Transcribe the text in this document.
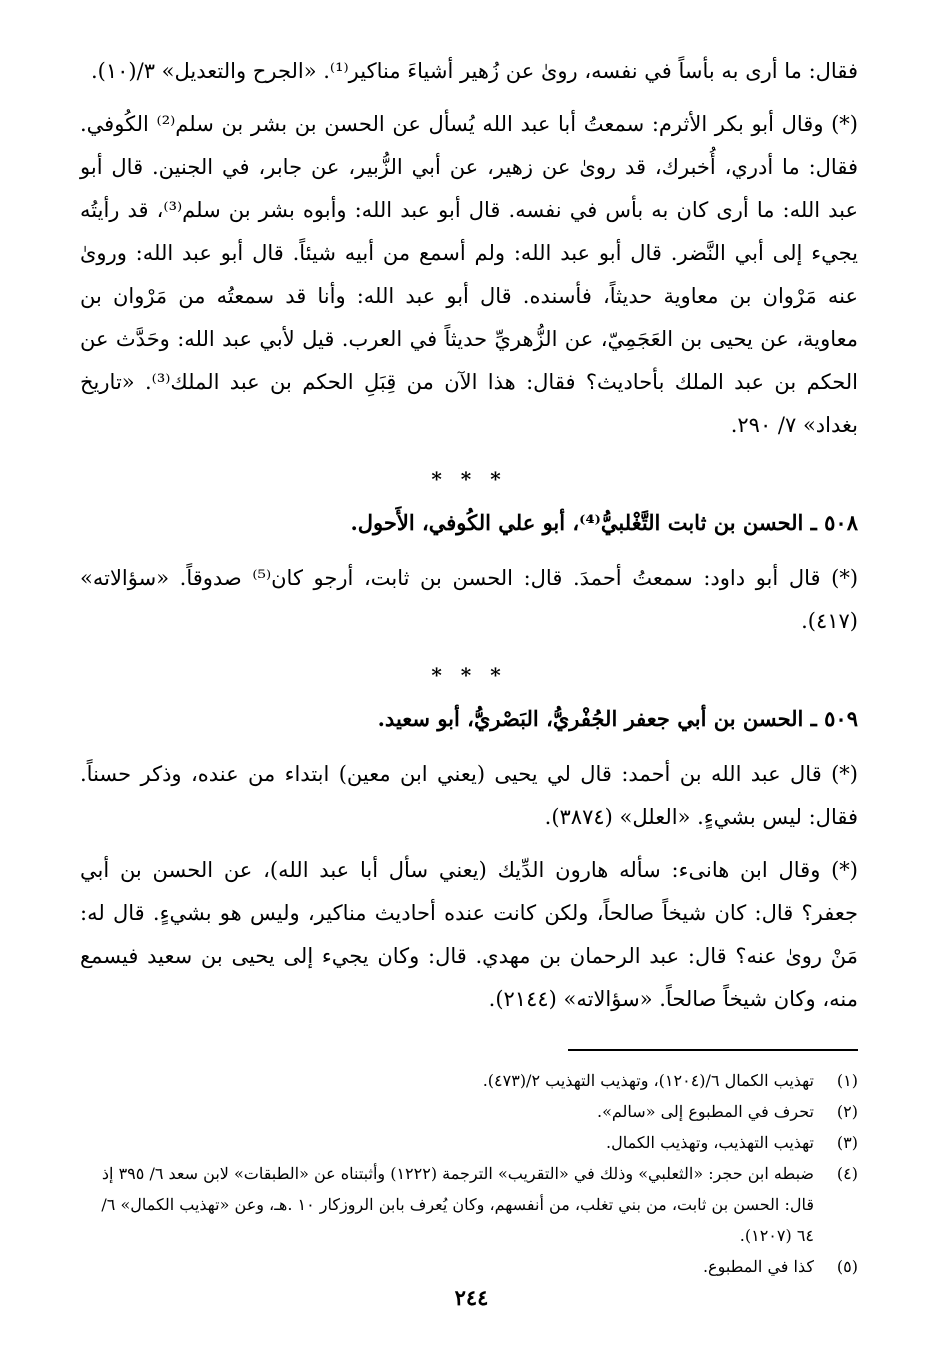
فقال: ما أرى به بأساً في نفسه، روىٰ عن زُهير أشياءَ مناكير⁽¹⁾. «الجرح والتعديل» ٣/(١٠).

(*) وقال أبو بكر الأثرم: سمعتُ أبا عبد الله يُسأل عن الحسن بن بشر بن سلم⁽²⁾ الكُوفي. فقال: ما أدري، أُخبرك، قد روىٰ عن زهير، عن أبي الزُّبير، عن جابر، في الجنين. قال أبو عبد الله: ما أرى كان به بأس في نفسه. قال أبو عبد الله: وأبوه بشر بن سلم⁽³⁾، قد رأيتُه يجيء إلى أبي النَّضر. قال أبو عبد الله: ولم أسمع من أبيه شيئاً. قال أبو عبد الله: وروىٰ عنه مَرْوان بن معاوية حديثاً، فأسنده. قال أبو عبد الله: وأنا قد سمعتُه من مَرْوان بن معاوية، عن يحيى بن العَجَمِيّ، عن الزُّهريِّ حديثاً في العرب. قيل لأبي عبد الله: وحَدَّث عن الحكم بن عبد الملك بأحاديث؟ فقال: هذا الآن من قِبَلِ الحكم بن عبد الملك⁽³⁾. «تاريخ بغداد» ٧/ ٢٩٠.

* * *

٥٠٨ ـ الحسن بن ثابت التَّغْلبيُّ⁽⁴⁾، أبو علي الكُوفي، الأَحول.

(*) قال أبو داود: سمعتُ أحمدَ. قال: الحسن بن ثابت، أرجو كان⁽⁵⁾ صدوقاً. «سؤالاته» (٤١٧).

* * *

٥٠٩ ـ الحسن بن أبي جعفر الجُفْريُّ، البَصْريُّ، أبو سعيد.

(*) قال عبد الله بن أحمد: قال لي يحيى (يعني ابن معين) ابتداء من عنده، وذكر حسناً. فقال: ليس بشيءٍ. «العلل» (٣٨٧٤).

(*) وقال ابن هانىء: سأله هارون الدِّيك (يعني سأل أبا عبد الله)، عن الحسن بن أبي جعفر؟ قال: كان شيخاً صالحاً، ولكن كانت عنده أحاديث مناكير، وليس هو بشيءٍ. قال له: مَنْ روىٰ عنه؟ قال: عبد الرحمان بن مهدي. قال: وكان يجيء إلى يحيى بن سعيد فيسمع منه، وكان شيخاً صالحاً. «سؤالاته» (٢١٤٤).

(١)
تهذيب الكمال ٦/(١٢٠٤)، وتهذيب التهذيب ٢/(٤٧٣).
(٢)
تحرف في المطبوع إلى «سالم».
(٣)
تهذيب التهذيب، وتهذيب الكمال.
(٤)
ضبطه ابن حجر: «الثعلبي» وذلك في «التقريب» الترجمة (١٢٢٢) وأثبتناه عن «الطبقات» لابن سعد ٦/ ٣٩٥ إذ قال: الحسن بن ثابت، من بني تغلب، من أنفسهم، وكان يُعرف بابن الروزكار ١٠ .هـ، وعن «تهذيب الكمال» ٦/ ٦٤ (١٢٠٧).
(٥)
كذا في المطبوع.
٢٤٤
